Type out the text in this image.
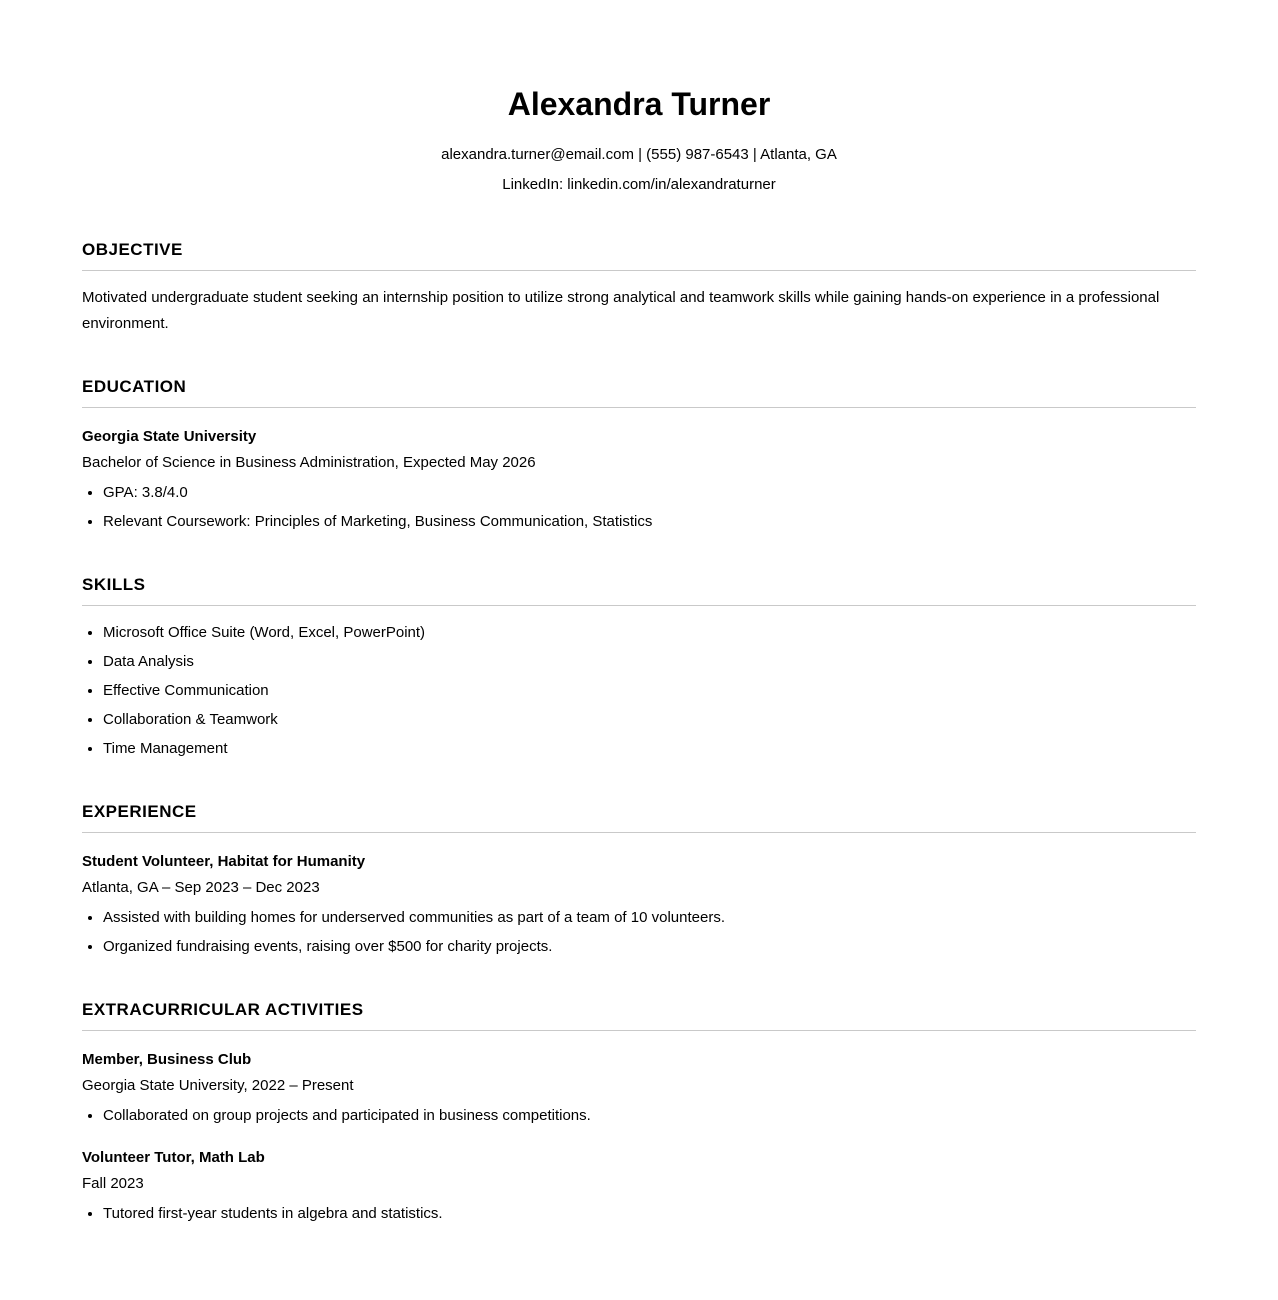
Alexandra Turner

alexandra.turner@email.com | (555) 987-6543 | Atlanta, GA

LinkedIn: linkedin.com/in/alexandraturner

OBJECTIVE

Motivated undergraduate student seeking an internship position to utilize strong analytical and teamwork skills while gaining hands-on experience in a professional environment.

EDUCATION

Georgia State University

Bachelor of Science in Business Administration, Expected May 2026

• GPA: 3.8/4.0
• Relevant Coursework: Principles of Marketing, Business Communication, Statistics
SKILLS
• Microsoft Office Suite (Word, Excel, PowerPoint)
• Data Analysis
• Effective Communication
• Collaboration & Teamwork
• Time Management
EXPERIENCE

Student Volunteer, Habitat for Humanity

Atlanta, GA – Sep 2023 – Dec 2023

• Assisted with building homes for underserved communities as part of a team of 10 volunteers.
• Organized fundraising events, raising over $500 for charity projects.
EXTRACURRICULAR ACTIVITIES

Member, Business Club

Georgia State University, 2022 – Present

• Collaborated on group projects and participated in business competitions.

Volunteer Tutor, Math Lab

Fall 2023

• Tutored first-year students in algebra and statistics.
